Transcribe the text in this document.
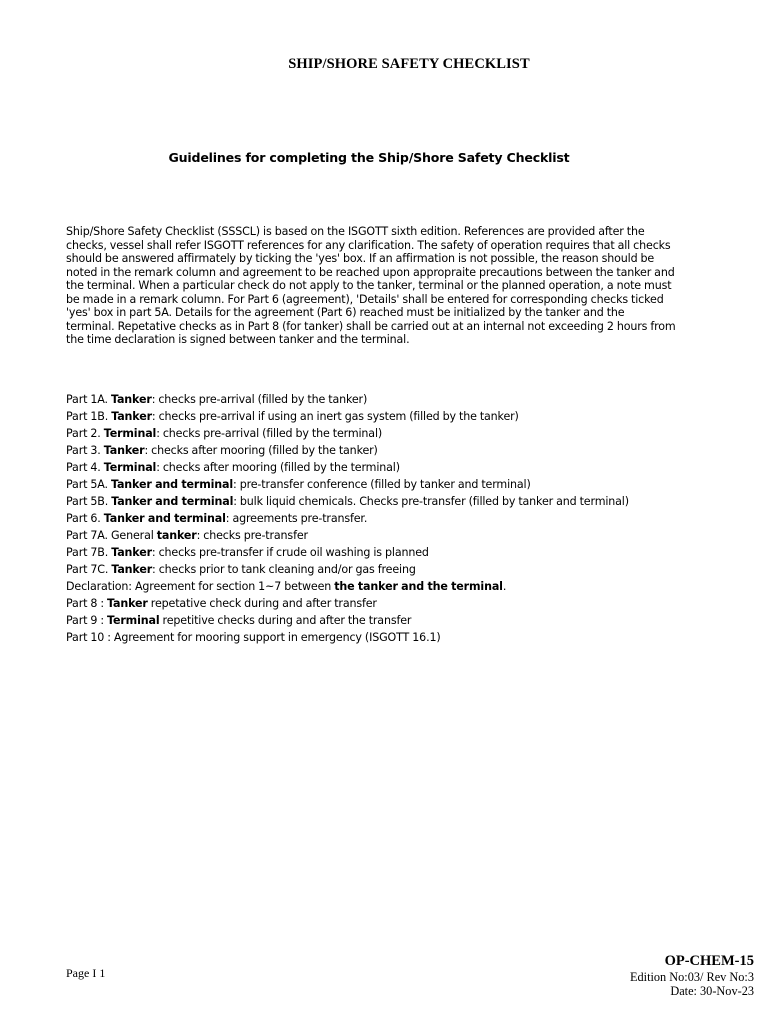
SHIP/SHORE SAFETY CHECKLIST
Guidelines for completing the Ship/Shore Safety Checklist

Ship/Shore Safety Checklist (SSSCL) is based on the ISGOTT sixth edition. References are provided after the checks, vessel shall refer ISGOTT references for any clarification. The safety of operation requires that all checks should be answered affirmately by ticking the 'yes' box. If an affirmation is not possible, the reason should be noted in the remark column and agreement to be reached upon appropraite precautions between the tanker and the terminal. When a particular check do not apply to the tanker, terminal or the planned operation, a note must be made in a remark column. For Part 6 (agreement), 'Details' shall be entered for corresponding checks ticked 'yes' box in part 5A. Details for the agreement (Part 6) reached must be initialized by the tanker and the terminal. Repetative checks as in Part 8 (for tanker) shall be carried out at an internal not exceeding 2 hours from the time declaration is signed between tanker and the terminal.

Part 1A. Tanker: checks pre-arrival (filled by the tanker)
Part 1B. Tanker: checks pre-arrival if using an inert gas system (filled by the tanker)
Part 2. Terminal: checks pre-arrival (filled by the terminal)
Part 3. Tanker: checks after mooring (filled by the tanker)
Part 4. Terminal: checks after mooring (filled by the terminal)
Part 5A. Tanker and terminal: pre-transfer conference (filled by tanker and terminal)
Part 5B. Tanker and terminal: bulk liquid chemicals. Checks pre-transfer (filled by tanker and terminal)
Part 6. Tanker and terminal: agreements pre-transfer.
Part 7A. General tanker: checks pre-transfer
Part 7B. Tanker: checks pre-transfer if crude oil washing is planned
Part 7C. Tanker: checks prior to tank cleaning and/or gas freeing
Declaration: Agreement for section 1~7 between the tanker and the terminal.
Part 8 : Tanker repetative check during and after transfer
Part 9 : Terminal repetitive checks during and after the transfer
Part 10 : Agreement for mooring support in emergency (ISGOTT 16.1)
Page I 1
OP-CHEM-15
Edition No:03/ Rev No:3
Date: 30-Nov-23
